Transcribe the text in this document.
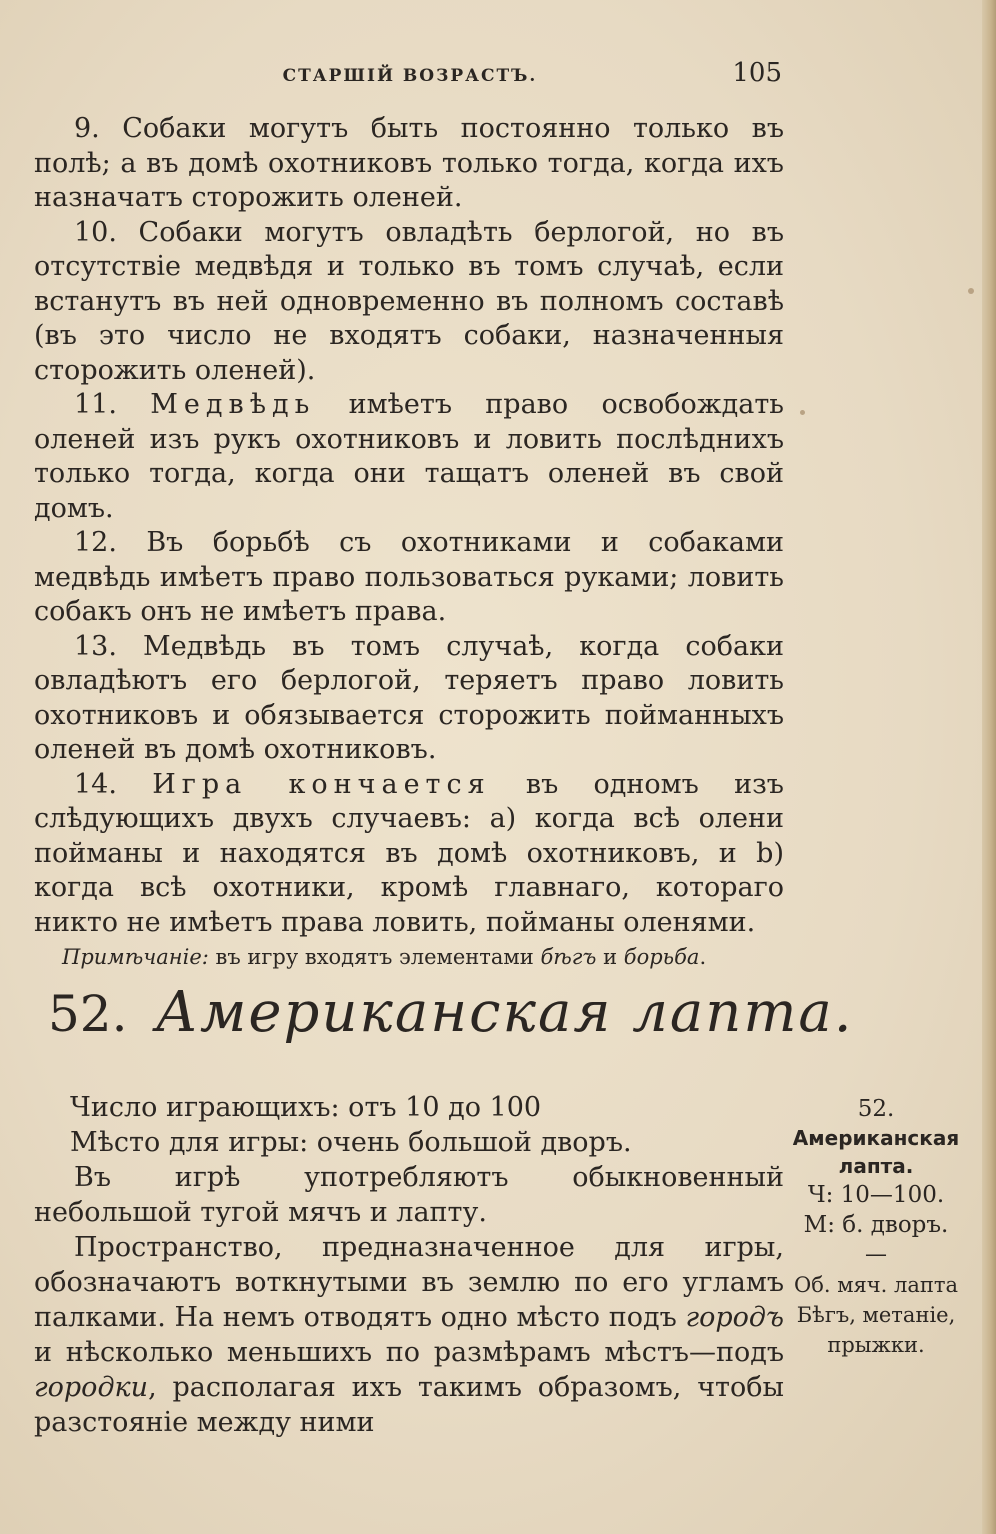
СТАРШІЙ ВОЗРАСТЪ.	105

9. Собаки могутъ быть постоянно только въ полѣ; а въ домѣ охотниковъ только тогда, когда ихъ назначатъ сторожить оленей.

10. Собаки могутъ овладѣть берлогой, но въ отсутствіе медвѣдя и только въ томъ случаѣ, если встанутъ въ ней одновременно въ полномъ составѣ (въ это число не входятъ собаки, назначенныя сторожить оленей).

11. Медвѣдь имѣетъ право освобождать оленей изъ рукъ охотниковъ и ловить послѣднихъ только тогда, когда они тащатъ оленей въ свой домъ.

12. Въ борьбѣ съ охотниками и собаками медвѣдь имѣетъ право пользоваться руками; ловить собакъ онъ не имѣетъ права.

13. Медвѣдь въ томъ случаѣ, когда собаки овладѣютъ его берлогой, теряетъ право ловить охотниковъ и обязывается сторожить пойманныхъ оленей въ домѣ охотниковъ.

14. Игра кончается въ одномъ изъ слѣдующихъ двухъ случаевъ: а) когда всѣ олени пойманы и находятся въ домѣ охотниковъ, и b) когда всѣ охотники, кромѣ главнаго, котораго никто не имѣетъ права ловить, пойманы оленями.

Примѣчаніе: въ игру входятъ элементами бѣгъ и борьба.

52. Американская лапта.

Число играющихъ: отъ 10 до 100

Мѣсто для игры: очень большой дворъ.

Въ игрѣ употребляютъ обыкновенный небольшой тугой мячъ и лапту.

Пространство, предназначенное для игры, обозначаютъ воткнутыми въ землю по его угламъ палками. На немъ отводятъ одно мѣсто подъ городъ и нѣсколько меньшихъ по размѣрамъ мѣстъ—подъ городки, располагая ихъ такимъ образомъ, чтобы разстояніе между ними

52.
Американская лапта.
Ч: 10—100.
М: б. дворъ.
—
Об. мяч. лапта
Бѣгъ, метаніе, прыжки.
